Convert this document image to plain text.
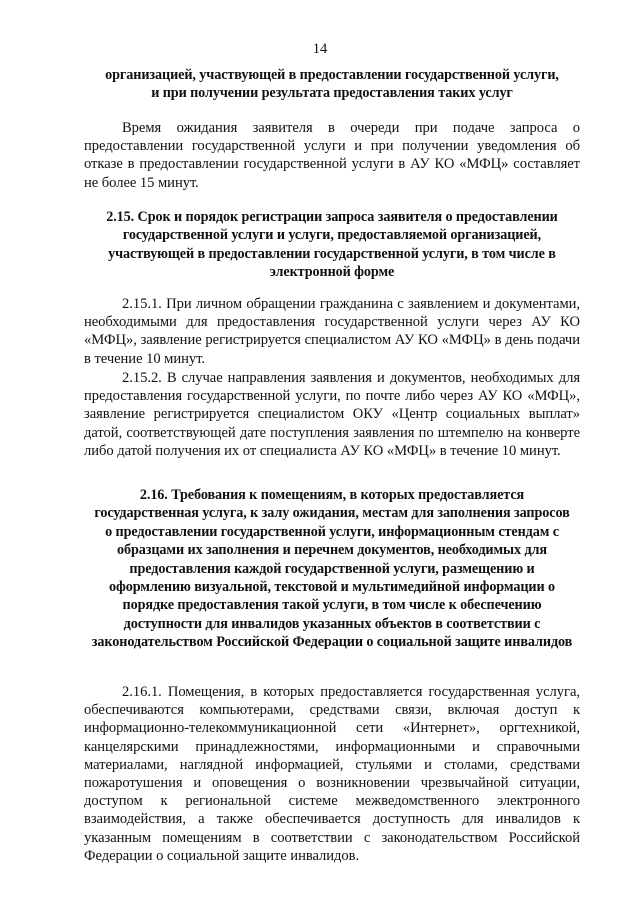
14
организацией, участвующей в предоставлении государственной услуги, и при получении результата предоставления таких услуг
Время ожидания заявителя в очереди при подаче запроса о предоставлении государственной услуги и при получении уведомления об отказе в предоставлении государственной услуги в АУ КО «МФЦ» составляет не более 15 минут.
2.15. Срок и порядок регистрации запроса заявителя о предоставлении государственной услуги и услуги, предоставляемой организацией, участвующей в предоставлении государственной услуги, в том числе в электронной форме
2.15.1. При личном обращении гражданина с заявлением и документами, необходимыми для предоставления государственной услуги через АУ КО «МФЦ», заявление регистрируется специалистом АУ КО «МФЦ» в день подачи в течение 10 минут.
2.15.2. В случае направления заявления и документов, необходимых для предоставления государственной услуги, по почте либо через АУ КО «МФЦ», заявление регистрируется специалистом ОКУ «Центр социальных выплат» датой, соответствующей дате поступления заявления по штемпелю на конверте либо датой получения их от специалиста АУ КО «МФЦ» в течение 10 минут.
2.16. Требования к помещениям, в которых предоставляется государственная услуга, к залу ожидания, местам для заполнения запросов о предоставлении государственной услуги, информационным стендам с образцами их заполнения и перечнем документов, необходимых для предоставления каждой государственной услуги, размещению и оформлению визуальной, текстовой и мультимедийной информации о порядке предоставления такой услуги, в том числе к обеспечению доступности для инвалидов указанных объектов в соответствии с законодательством Российской Федерации о социальной защите инвалидов
2.16.1. Помещения, в которых предоставляется государственная услуга, обеспечиваются компьютерами, средствами связи, включая доступ к информационно-телекоммуникационной сети «Интернет», оргтехникой, канцелярскими принадлежностями, информационными и справочными материалами, наглядной информацией, стульями и столами, средствами пожаротушения и оповещения о возникновении чрезвычайной ситуации, доступом к региональной системе межведомственного электронного взаимодействия, а также обеспечивается доступность для инвалидов к указанным помещениям в соответствии с законодательством Российской Федерации о социальной защите инвалидов.
